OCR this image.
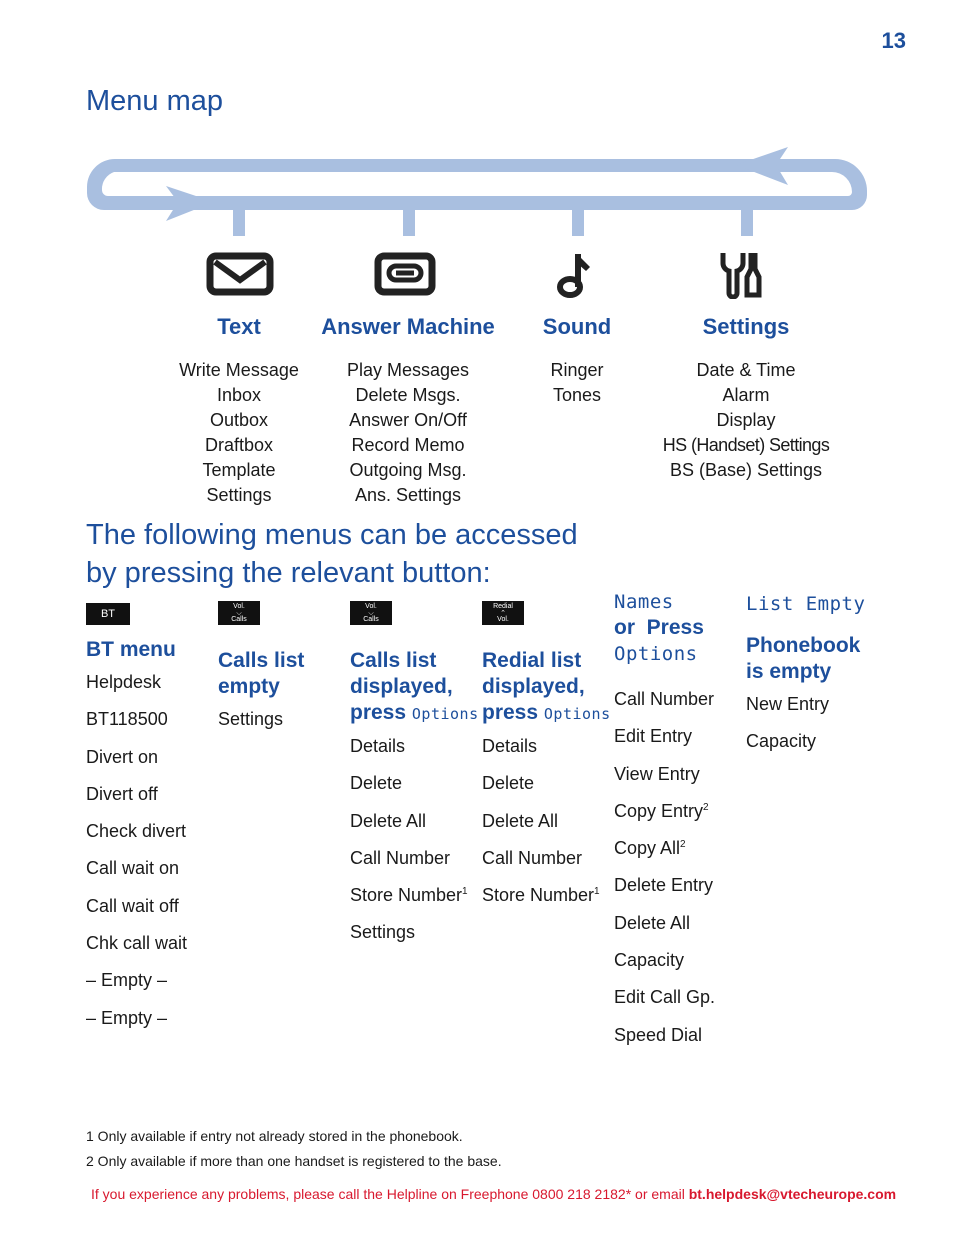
13
Menu map
Text
Write Message
Inbox
Outbox
Draftbox
Template
Settings
Answer Machine
Play Messages
Delete Msgs.
Answer On/Off
Record Memo
Outgoing Msg.
Ans. Settings
Sound
Ringer
Tones
Settings
Date & Time
Alarm
Display
HS (Handset) Settings
BS (Base) Settings
The following menus can be accessed
by pressing the relevant button:
BT
BT menu
Helpdesk
BT118500
Divert on
Divert off
Check divert
Call wait on
Call wait off
Chk call wait
– Empty –
– Empty –
Vol.
⌵
Calls
Calls list
empty
Settings
Vol.
⌵
Calls
Calls list
displayed,
press Options
Details
Delete
Delete All
Call Number
Store Number$^1$
Settings
Redial
⌃
Vol.
Redial list
displayed,
press Options
Details
Delete
Delete All
Call Number
Store Number$^1$
Names
or  Press
Options
Call Number
Edit Entry
View Entry
Copy Entry$^2$
Copy All$^2$
Delete Entry
Delete All
Capacity
Edit Call Gp.
Speed Dial
List Empty
Phonebook
is empty
New Entry
Capacity
1 Only available if entry not already stored in the phonebook.
2 Only available if more than one handset is registered to the base.
If you experience any problems, please call the Helpline on Freephone 0800 218 2182* or email bt.helpdesk@vtecheurope.com
